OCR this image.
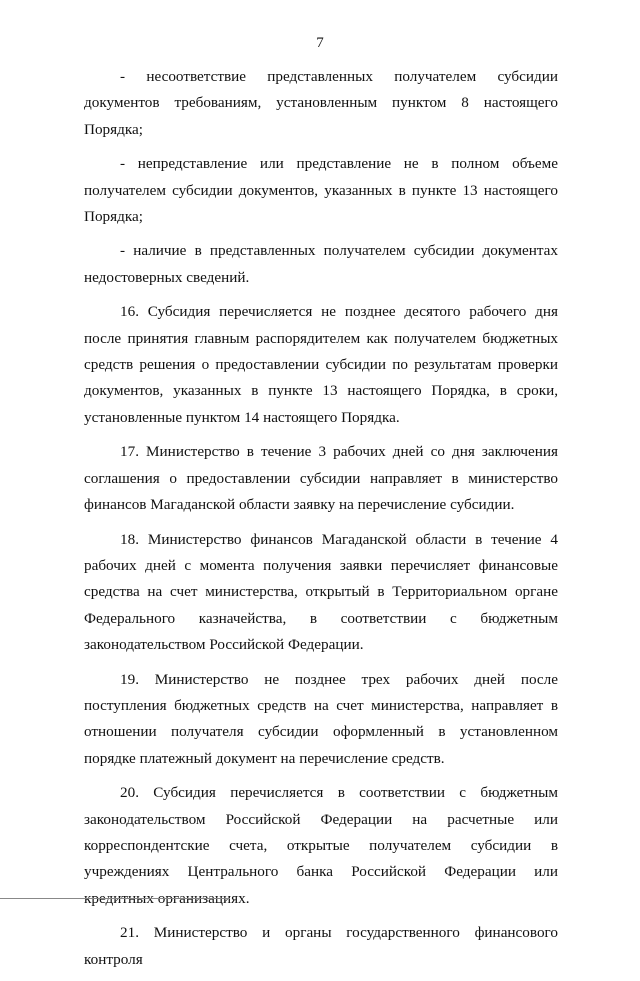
7

- несоответствие представленных получателем субсидии документов требованиям, установленным пунктом 8 настоящего Порядка;

- непредставление или представление не в полном объеме получателем субсидии документов, указанных в пункте 13 настоящего Порядка;

- наличие в представленных получателем субсидии документах недостоверных сведений.

16. Субсидия перечисляется не позднее десятого рабочего дня после принятия главным распорядителем как получателем бюджетных средств решения о предоставлении субсидии по результатам проверки документов, указанных в пункте 13 настоящего Порядка, в сроки, установленные пунктом 14 настоящего Порядка.

17. Министерство в течение 3 рабочих дней со дня заключения соглашения о предоставлении субсидии направляет в министерство финансов Магаданской области заявку на перечисление субсидии.

18. Министерство финансов Магаданской области в течение 4 рабочих дней с момента получения заявки перечисляет финансовые средства на счет министерства, открытый в Территориальном органе Федерального казначейства, в соответствии с бюджетным законодательством Российской Федерации.

19. Министерство не позднее трех рабочих дней после поступления бюджетных средств на счет министерства, направляет в отношении получателя субсидии оформленный в установленном порядке платежный документ на перечисление средств.

20. Субсидия перечисляется в соответствии с бюджетным законодательством Российской Федерации на расчетные или корреспондентские счета, открытые получателем субсидии в учреждениях Центрального банка Российской Федерации или кредитных организациях.

21. Министерство и органы государственного финансового контроля
